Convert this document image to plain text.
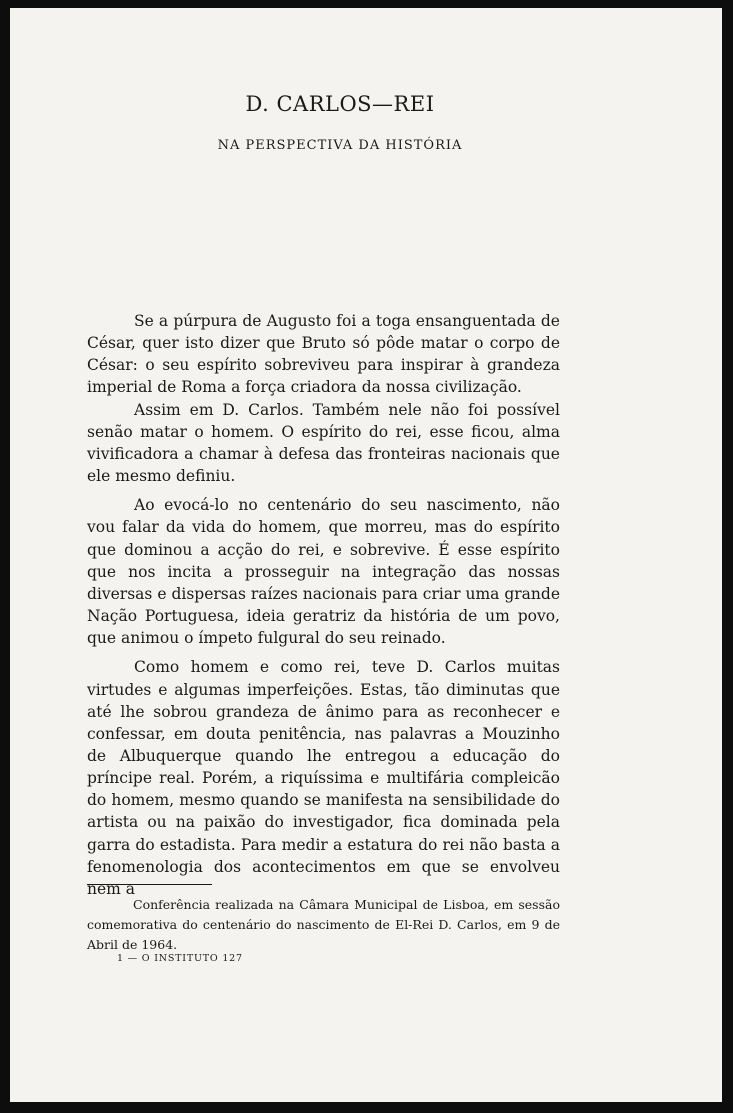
D. CARLOS—REI
NA PERSPECTIVA DA HISTÓRIA

Se a púrpura de Augusto foi a toga ensanguentada de César, quer isto dizer que Bruto só pôde matar o corpo de César: o seu espírito sobreviveu para inspirar à grandeza imperial de Roma a força criadora da nossa civilização.

Assim em D. Carlos. Também nele não foi possível senão matar o homem. O espírito do rei, esse ficou, alma vivificadora a chamar à defesa das fronteiras nacionais que ele mesmo definiu.

Ao evocá-lo no centenário do seu nascimento, não vou falar da vida do homem, que morreu, mas do espírito que dominou a acção do rei, e sobrevive. É esse espírito que nos incita a prosseguir na integração das nossas diversas e dispersas raízes nacionais para criar uma grande Nação Portuguesa, ideia geratriz da história de um povo, que animou o ímpeto fulgural do seu reinado.

Como homem e como rei, teve D. Carlos muitas virtudes e algumas imperfeições. Estas, tão diminutas que até lhe sobrou grandeza de ânimo para as reconhecer e confessar, em douta penitência, nas palavras a Mouzinho de Albuquerque quando lhe entregou a educação do príncipe real. Porém, a riquíssima e multifária compleicão do homem, mesmo quando se manifesta na sensibilidade do artista ou na paixão do investigador, fica dominada pela garra do estadista. Para medir a estatura do rei não basta a fenomenologia dos acontecimentos em que se envolveu nem a

Conferência realizada na Câmara Municipal de Lisboa, em sessão comemorativa do centenário do nascimento de El-Rei D. Carlos, em 9 de Abril de 1964.

1 — O INSTITUTO 127
